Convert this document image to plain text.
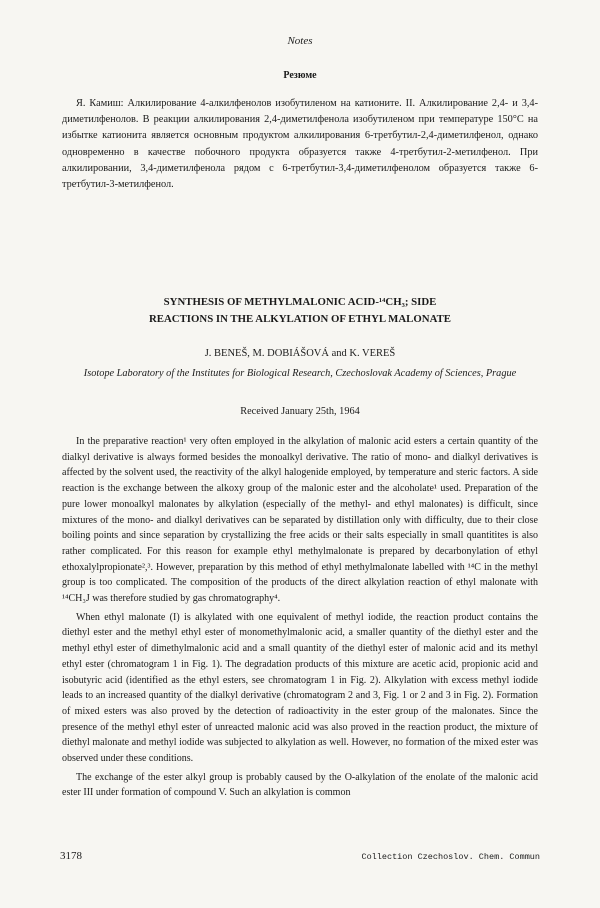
Notes
Резюме

Я. Камиш: Алкилирование 4-алкилфенолов изобутиленом на катионите. II. Алкилирование 2,4- и 3,4-диметилфенолов. В реакции алкилирования 2,4-диметилфенола изобутиленом при температуре 150°С на избытке катионита является основным продуктом алкилирования 6-третбутил-2,4-диметилфенол, однако одновременно в качестве побочного продукта образуется также 4-третбутил-2-метилфенол. При алкилировании, 3,4-диметилфенола рядом с 6-третбутил-3,4-диметилфенолом образуется также 6-третбутил-3-метилфенол.

SYNTHESIS OF METHYLMALONIC ACID-¹⁴CH₃; SIDE
REACTIONS IN THE ALKYLATION OF ETHYL MALONATE
J. BENEŠ, M. DOBIÁŠOVÁ and K. VEREŠ
Isotope Laboratory of the Institutes for Biological Research, Czechoslovak Academy of Sciences, Prague
Received January 25th, 1964

In the preparative reaction¹ very often employed in the alkylation of malonic acid esters a certain quantity of the dialkyl derivative is always formed besides the monoalkyl derivative. The ratio of mono- and dialkyl derivatives is affected by the solvent used, the reactivity of the alkyl halogenide employed, by temperature and steric factors. A side reaction is the exchange between the alkoxy group of the malonic ester and the alcoholate¹ used. Preparation of the pure lower monoalkyl malonates by alkylation (especially of the methyl- and ethyl malonates) is difficult, since mixtures of the mono- and dialkyl derivatives can be separated by distillation only with difficulty, due to their close boiling points and since separation by crystallizing the free acids or their salts especially in small quantitites is also rather complicated. For this reason for example ethyl methylmalonate is prepared by decarbonylation of ethyl ethoxalylpropionate²,³. However, preparation by this method of ethyl methylmalonate labelled with ¹⁴C in the methyl group is too complicated. The composition of the products of the direct alkylation reaction of ethyl malonate with ¹⁴CH₃J was therefore studied by gas chromatography⁴.

When ethyl malonate (I) is alkylated with one equivalent of methyl iodide, the reaction product contains the diethyl ester and the methyl ethyl ester of monomethylmalonic acid, a smaller quantity of the diethyl ester and the methyl ethyl ester of dimethylmalonic acid and a small quantity of the diethyl ester of malonic acid and its methyl ethyl ester (chromatogram 1 in Fig. 1). The degradation products of this mixture are acetic acid, propionic acid and isobutyric acid (identified as the ethyl esters, see chromatogram 1 in Fig. 2). Alkylation with excess methyl iodide leads to an increased quantity of the dialkyl derivative (chromatogram 2 and 3, Fig. 1 or 2 and 3 in Fig. 2). Formation of mixed esters was also proved by the detection of radioactivity in the ester group of the malonates. Since the presence of the methyl ethyl ester of unreacted malonic acid was also proved in the reaction product, the mixture of diethyl malonate and methyl iodide was subjected to alkylation as well. However, no formation of the mixed ester was observed under these conditions.

The exchange of the ester alkyl group is probably caused by the O-alkylation of the enolate of the malonic acid ester III under formation of compound V. Such an alkylation is common

3178	Collection Czechoslov. Chem. Commun
